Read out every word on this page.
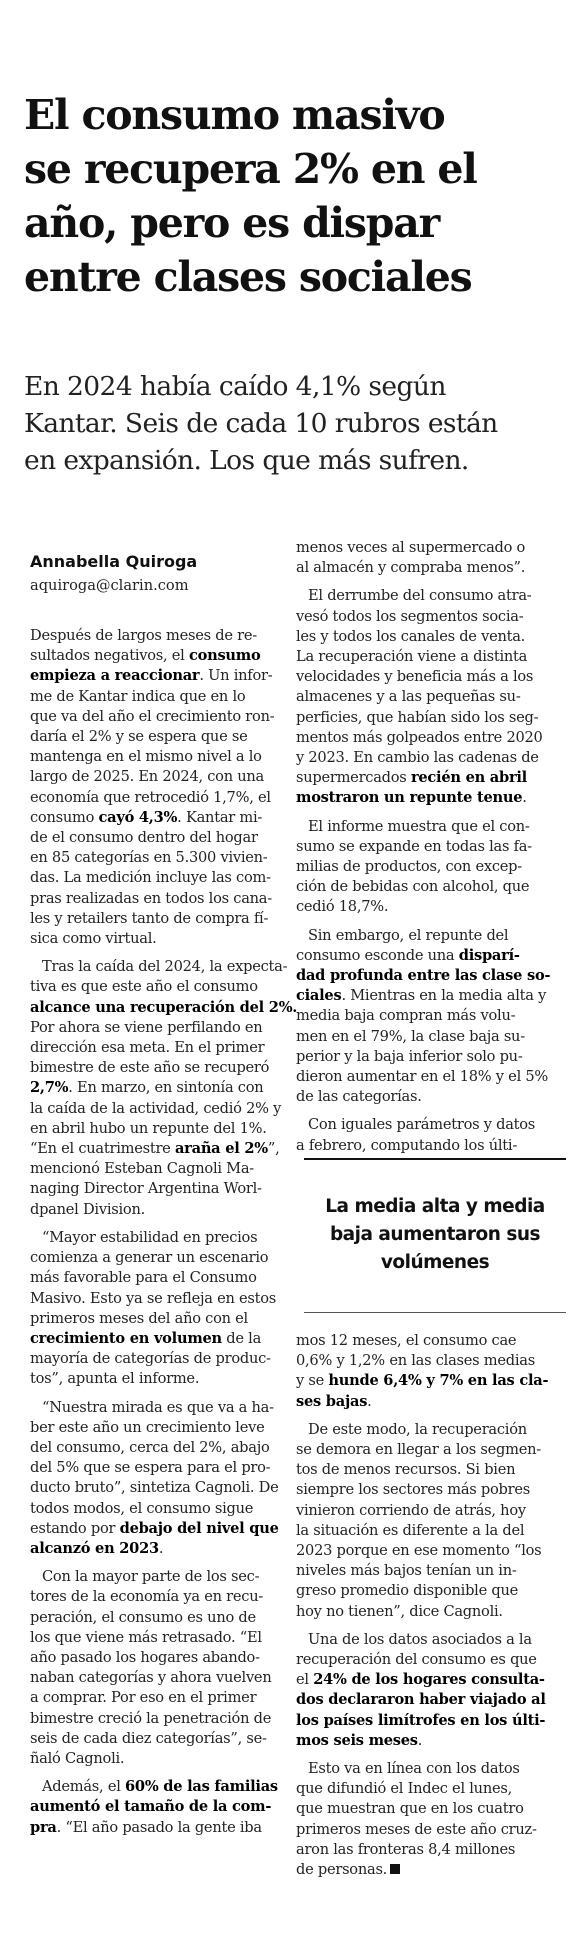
El consumo masivo
se recupera 2% en el
año, pero es dispar
entre clases sociales
En 2024 había caído 4,1% según
Kantar. Seis de cada 10 rubros están
en expansión. Los que más sufren.
Annabella Quiroga
aquiroga@clarin.com
Después de largos meses de re-
sultados negativos, el consumo
empieza a reaccionar. Un infor-
me de Kantar indica que en lo
que va del año el crecimiento ron-
daría el 2% y se espera que se
mantenga en el mismo nivel a lo
largo de 2025. En 2024, con una
economía que retrocedió 1,7%, el
consumo cayó 4,3%. Kantar mi-
de el consumo dentro del hogar
en 85 categorías en 5.300 vivien-
das. La medición incluye las com-
pras realizadas en todos los cana-
les y retailers tanto de compra fí-
sica como virtual.
Tras la caída del 2024, la expecta-
tiva es que este año el consumo
alcance una recuperación del 2%.
Por ahora se viene perfilando en
dirección esa meta. En el primer
bimestre de este año se recuperó
2,7%. En marzo, en sintonía con
la caída de la actividad, cedió 2% y
en abril hubo un repunte del 1%.
“En el cuatrimestre araña el 2%”,
mencionó Esteban Cagnoli Ma-
naging Director Argentina Worl-
dpanel Division.
“Mayor estabilidad en precios
comienza a generar un escenario
más favorable para el Consumo
Masivo. Esto ya se refleja en estos
primeros meses del año con el
crecimiento en volumen de la
mayoría de categorías de produc-
tos”, apunta el informe.
“Nuestra mirada es que va a ha-
ber este año un crecimiento leve
del consumo, cerca del 2%, abajo
del 5% que se espera para el pro-
ducto bruto”, sintetiza Cagnoli. De
todos modos, el consumo sigue
estando por debajo del nivel que
alcanzó en 2023.
Con la mayor parte de los sec-
tores de la economía ya en recu-
peración, el consumo es uno de
los que viene más retrasado. “El
año pasado los hogares abando-
naban categorías y ahora vuelven
a comprar. Por eso en el primer
bimestre creció la penetración de
seis de cada diez categorías”, se-
ñaló Cagnoli.
Además, el 60% de las familias
aumentó el tamaño de la com-
pra. “El año pasado la gente iba
menos veces al supermercado o
al almacén y compraba menos”.
El derrumbe del consumo atra-
vesó todos los segmentos socia-
les y todos los canales de venta.
La recuperación viene a distinta
velocidades y beneficia más a los
almacenes y a las pequeñas su-
perficies, que habían sido los seg-
mentos más golpeados entre 2020
y 2023. En cambio las cadenas de
supermercados recién en abril
mostraron un repunte tenue.
El informe muestra que el con-
sumo se expande en todas las fa-
milias de productos, con excep-
ción de bebidas con alcohol, que
cedió 18,7%.
Sin embargo, el repunte del
consumo esconde una disparí-
dad profunda entre las clase so-
ciales. Mientras en la media alta y
media baja compran más volu-
men en el 79%, la clase baja su-
perior y la baja inferior solo pu-
dieron aumentar en el 18% y el 5%
de las categorías.
Con iguales parámetros y datos
a febrero, computando los últi-
La media alta y media
baja aumentaron sus
volúmenes
mos 12 meses, el consumo cae
0,6% y 1,2% en las clases medias
y se hunde 6,4% y 7% en las cla-
ses bajas.
De este modo, la recuperación
se demora en llegar a los segmen-
tos de menos recursos. Si bien
siempre los sectores más pobres
vinieron corriendo de atrás, hoy
la situación es diferente a la del
2023 porque en ese momento “los
niveles más bajos tenían un in-
greso promedio disponible que
hoy no tienen”, dice Cagnoli.
Una de los datos asociados a la
recuperación del consumo es que
el 24% de los hogares consulta-
dos declararon haber viajado al
los países limítrofes en los últi-
mos seis meses.
Esto va en línea con los datos
que difundió el Indec el lunes,
que muestran que en los cuatro
primeros meses de este año cruz-
aron las fronteras 8,4 millones
de personas.
